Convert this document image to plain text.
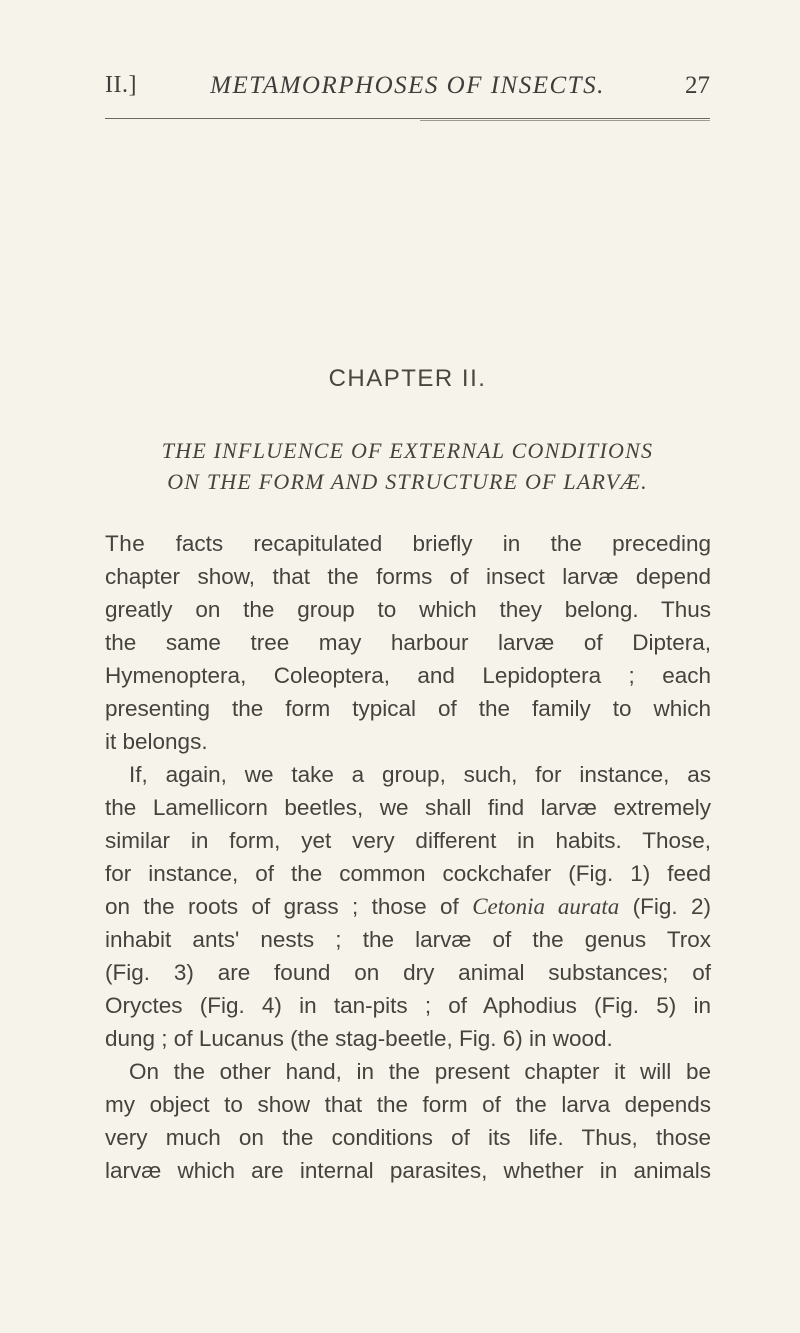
II.]	METAMORPHOSES OF INSECTS.	27
CHAPTER II.
THE INFLUENCE OF EXTERNAL CONDITIONS
ON THE FORM AND STRUCTURE OF LARVÆ.
The facts recapitulated briefly in the preceding
chapter show, that the forms of insect larvæ depend
greatly on the group to which they belong. Thus
the same tree may harbour larvæ of Diptera,
Hymenoptera, Coleoptera, and Lepidoptera ; each
presenting the form typical of the family to which
it belongs.
If, again, we take a group, such, for instance, as
the Lamellicorn beetles, we shall find larvæ extremely
similar in form, yet very different in habits. Those,
for instance, of the common cockchafer (Fig. 1) feed
on the roots of grass ; those of Cetonia aurata (Fig. 2)
inhabit ants' nests ; the larvæ of the genus Trox
(Fig. 3) are found on dry animal substances; of
Oryctes (Fig. 4) in tan-pits ; of Aphodius (Fig. 5) in
dung ; of Lucanus (the stag-beetle, Fig. 6) in wood.
On the other hand, in the present chapter it will be
my object to show that the form of the larva depends
very much on the conditions of its life. Thus, those
larvæ which are internal parasites, whether in animals
